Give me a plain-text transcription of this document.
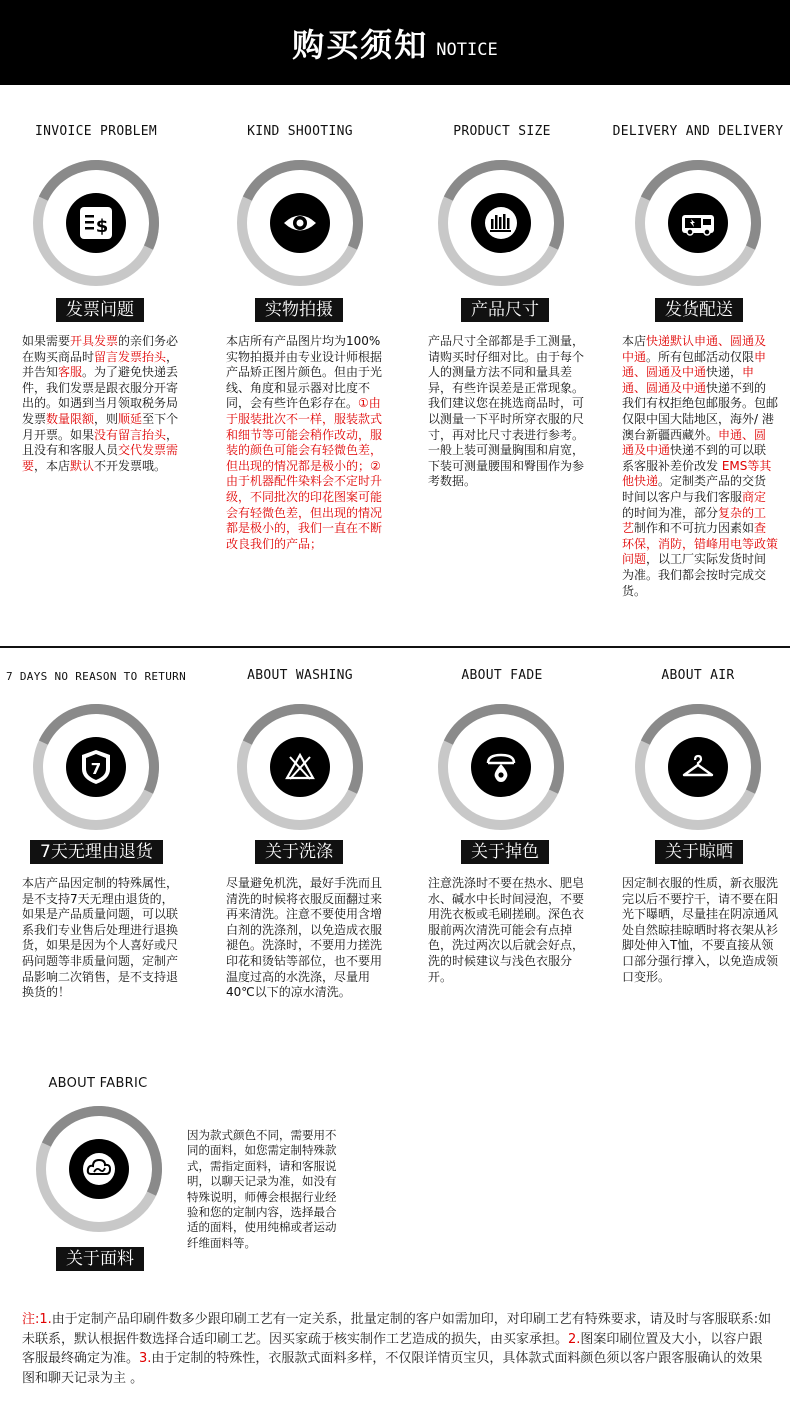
购买须知 NOTICE
INVOICE PROBLEM
$
发票问题
如果需要开具发票的亲们务必在购买商品时留言发票抬头，并告知客服。为了避免快递丢件，我们发票是跟衣服分开寄出的。如遇到当月领取税务局发票数量限额，则顺延至下个月开票。如果没有留言抬头，且没有和客服人员交代发票需要，本店默认不开发票哦。
KIND SHOOTING
实物拍摄
本店所有产品图片均为100%实物拍摄并由专业设计师根据产品矫正图片颜色。但由于光线、角度和显示器对比度不同，会有些许色彩存在。①由于服装批次不一样，服装款式和细节等可能会稍作改动，服装的颜色可能会有轻微色差，但出现的情况都是极小的；②由于机器配件染料会不定时升级，不同批次的印花图案可能会有轻微色差，但出现的情况都是极小的，我们一直在不断改良我们的产品；
PRODUCT SIZE
产品尺寸
产品尺寸全部都是手工测量，请购买时仔细对比。由于每个人的测量方法不同和量具差异，有些许误差是正常现象。我们建议您在挑选商品时，可以测量一下平时所穿衣服的尺寸，再对比尺寸表进行参考。一般上装可测量胸围和肩宽，下装可测量腰围和臀围作为参考数据。
DELIVERY AND DELIVERY
发货配送
本店快递默认申通、圆通及中通。所有包邮活动仅限申通、圆通及中通快递，申通、圆通及中通快递不到的我们有权拒绝包邮服务。包邮仅限中国大陆地区，海外/ 港澳台新疆西藏外。申通、圆通及中通快递不到的可以联系客服补差价改发 EMS等其他快递。定制类产品的交货时间以客户与我们客服商定的时间为准，部分复杂的工艺制作和不可抗力因素如查环保，消防，错峰用电等政策问题，以工厂实际发货时间为准。我们都会按时完成交货。
7 DAYS NO REASON TO RETURN
7
7天无理由退货
本店产品因定制的特殊属性，是不支持7天无理由退货的，如果是产品质量问题，可以联系我们专业售后处理进行退换货，如果是因为个人喜好或尺码问题等非质量问题，定制产品影响二次销售，是不支持退换货的！
ABOUT WASHING
关于洗涤
尽量避免机洗，最好手洗而且清洗的时候将衣服反面翻过来再来清洗。注意不要使用含增白剂的洗涤剂，以免造成衣服褪色。洗涤时，不要用力搓洗印花和烫钻等部位，也不要用温度过高的水洗涤，尽量用40℃以下的凉水清洗。
ABOUT FADE
关于掉色
注意洗涤时不要在热水、肥皂水、碱水中长时间浸泡，不要用洗衣板或毛刷搓刷。深色衣服前两次清洗可能会有点掉色，洗过两次以后就会好点，洗的时候建议与浅色衣服分开。
ABOUT AIR
关于晾晒
因定制衣服的性质，新衣服洗完以后不要拧干，请不要在阳光下曝晒，尽量挂在阴凉通风处自然晾挂晾晒时将衣架从衫脚处伸入T恤，不要直接从领口部分强行撑入，以免造成领口变形。
ABOUT FABRIC
关于面料
因为款式颜色不同，需要用不同的面料，如您需定制特殊款式，需指定面料，请和客服说明，以聊天记录为准，如没有特殊说明，师傅会根据行业经验和您的定制内容，选择最合适的面料，使用纯棉或者运动纤维面料等。
注:1.由于定制产品印刷件数多少跟印刷工艺有一定关系，批量定制的客户如需加印，对印刷工艺有特殊要求，请及时与客服联系:如未联系，默认根据件数选择合适印刷工艺。因买家疏于核实制作工艺造成的损失，由买家承担。2.图案印刷位置及大小，以容户跟客服最终确定为准。3.由于定制的特殊性，衣服款式面料多样，不仅限详情页宝贝，具体款式面料颜色须以客户跟客服确认的效果图和聊天记录为主 。
